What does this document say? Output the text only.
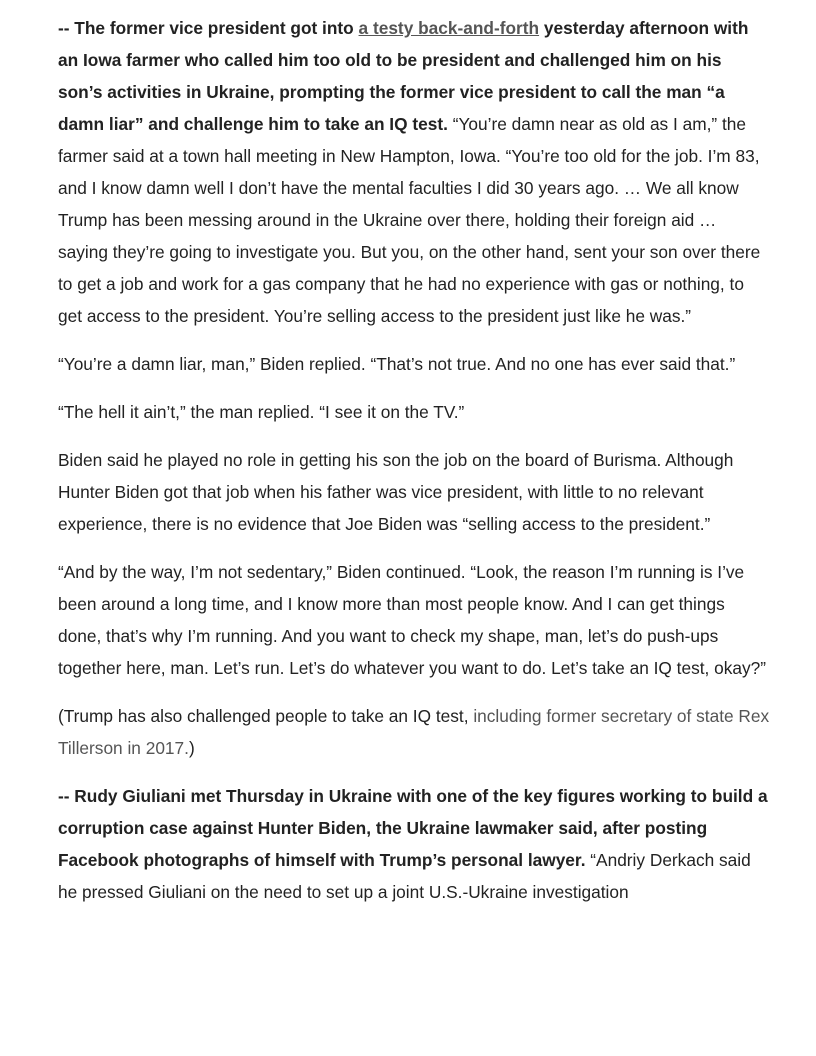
-- The former vice president got into a testy back-and-forth yesterday afternoon with an Iowa farmer who called him too old to be president and challenged him on his son’s activities in Ukraine, prompting the former vice president to call the man “a damn liar” and challenge him to take an IQ test. “You’re damn near as old as I am,” the farmer said at a town hall meeting in New Hampton, Iowa. “You’re too old for the job. I’m 83, and I know damn well I don’t have the mental faculties I did 30 years ago. … We all know Trump has been messing around in the Ukraine over there, holding their foreign aid … saying they’re going to investigate you. But you, on the other hand, sent your son over there to get a job and work for a gas company that he had no experience with gas or nothing, to get access to the president. You’re selling access to the president just like he was.”

“You’re a damn liar, man,” Biden replied. “That’s not true. And no one has ever said that.”

“The hell it ain’t,” the man replied. “I see it on the TV.”

Biden said he played no role in getting his son the job on the board of Burisma. Although Hunter Biden got that job when his father was vice president, with little to no relevant experience, there is no evidence that Joe Biden was “selling access to the president.”

“And by the way, I’m not sedentary,” Biden continued. “Look, the reason I’m running is I’ve been around a long time, and I know more than most people know. And I can get things done, that’s why I’m running. And you want to check my shape, man, let’s do push-ups together here, man. Let’s run. Let’s do whatever you want to do. Let’s take an IQ test, okay?”

(Trump has also challenged people to take an IQ test, including former secretary of state Rex Tillerson in 2017.)

-- Rudy Giuliani met Thursday in Ukraine with one of the key figures working to build a corruption case against Hunter Biden, the Ukraine lawmaker said, after posting Facebook photographs of himself with Trump’s personal lawyer. “Andriy Derkach said he pressed Giuliani on the need to set up a joint U.S.-Ukraine investigation
